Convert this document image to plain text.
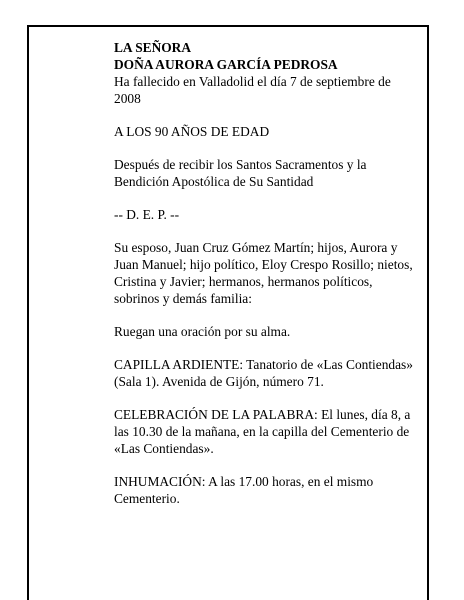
LA SEÑORA

DOÑA AURORA GARCÍA PEDROSA

Ha fallecido en Valladolid el día 7 de septiembre de 2008

A LOS 90 AÑOS DE EDAD

Después de recibir los Santos Sacramentos y la Bendición Apostólica de Su Santidad

-- D. E. P. --

Su esposo, Juan Cruz Gómez Martín; hijos, Aurora y Juan Manuel; hijo político, Eloy Crespo Rosillo; nietos, Cristina y Javier; hermanos, hermanos políticos, sobrinos y demás familia:

Ruegan una oración por su alma.

CAPILLA ARDIENTE: Tanatorio de «Las Contiendas» (Sala 1). Avenida de Gijón, número 71.

CELEBRACIÓN DE LA PALABRA: El lunes, día 8, a las 10.30 de la mañana, en la capilla del Cementerio de «Las Contiendas».

INHUMACIÓN: A las 17.00 horas, en el mismo Cementerio.
